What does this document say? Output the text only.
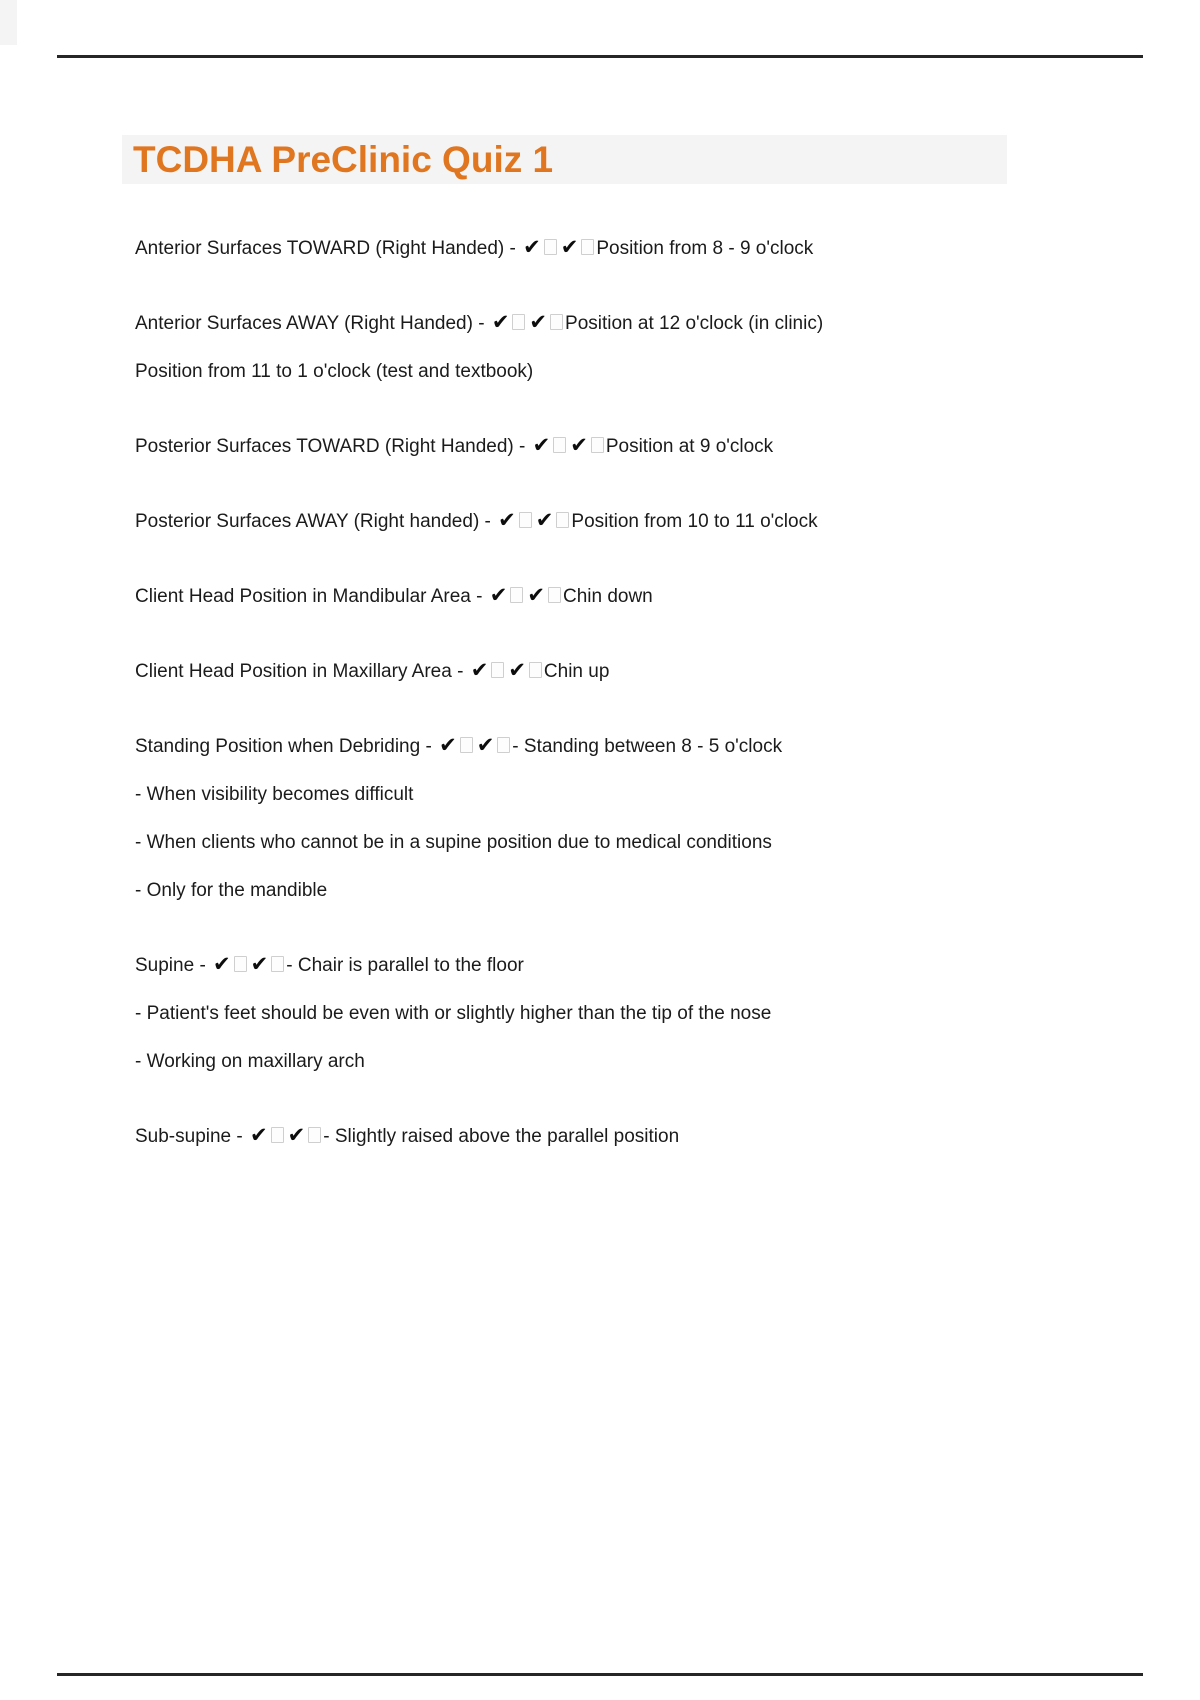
TCDHA PreClinic Quiz 1

Anterior Surfaces TOWARD (Right Handed) - ✔ ✔ Position from 8 - 9 o'clock

Anterior Surfaces AWAY (Right Handed) - ✔ ✔ Position at 12 o'clock (in clinic)

Position from 11 to 1 o'clock (test and textbook)

Posterior Surfaces TOWARD (Right Handed) - ✔ ✔ Position at 9 o'clock

Posterior Surfaces AWAY (Right handed) - ✔ ✔ Position from 10 to 11 o'clock

Client Head Position in Mandibular Area - ✔ ✔ Chin down

Client Head Position in Maxillary Area - ✔ ✔ Chin up

Standing Position when Debriding - ✔ ✔ - Standing between 8 - 5 o'clock

- When visibility becomes difficult

- When clients who cannot be in a supine position due to medical conditions

- Only for the mandible

Supine - ✔ ✔ - Chair is parallel to the floor

- Patient's feet should be even with or slightly higher than the tip of the nose

- Working on maxillary arch

Sub-supine - ✔ ✔ - Slightly raised above the parallel position
